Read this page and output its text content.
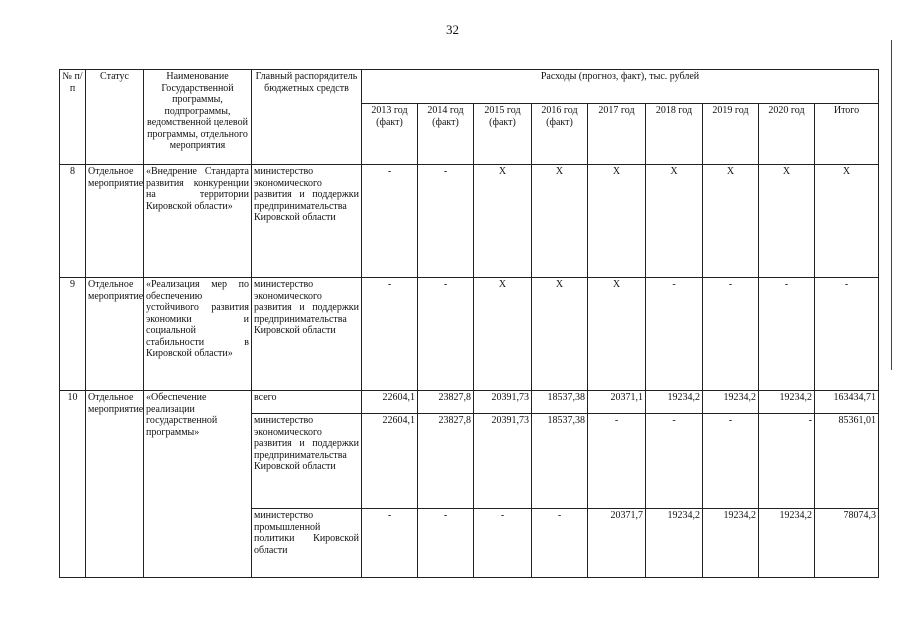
32
№ п/п	Статус	Наименование Государственной программы, подпрограммы, ведомственной целевой программы, отдельного мероприятия	Главный распорядитель бюджетных средств	Расходы (прогноз, факт), тыс. рублей								
				2013 год (факт)	2014 год (факт)	2015 год (факт)	2016 год (факт)	2017 год	2018 год	2019 год	2020 год	Итого
8	Отдельное мероприятие	«Внедрение Стандарта развития конкуренции на территории Кировской области»	министерство экономического развития и поддержки предпринимательства Кировской области	-	-	Х	Х	Х	Х	Х	Х	Х
9	Отдельное мероприятие	«Реализация мер по обеспечению устойчивого развития экономики и социальной стабильности в Кировской области»	министерство экономического развития и поддержки предпринимательства Кировской области	-	-	Х	Х	Х	-	-	-	-
10	Отдельное мероприятие	«Обеспечение реализации государственной программы»	всего	22604,1	23827,8	20391,73	18537,38	20371,1	19234,2	19234,2	19234,2	163434,71
			министерство экономического развития и поддержки предпринимательства Кировской области	22604,1	23827,8	20391,73	18537,38	-	-	-	-	85361,01
			министерство промышленной политики Кировской области	-	-	-	-	20371,7	19234,2	19234,2	19234,2	78074,3
